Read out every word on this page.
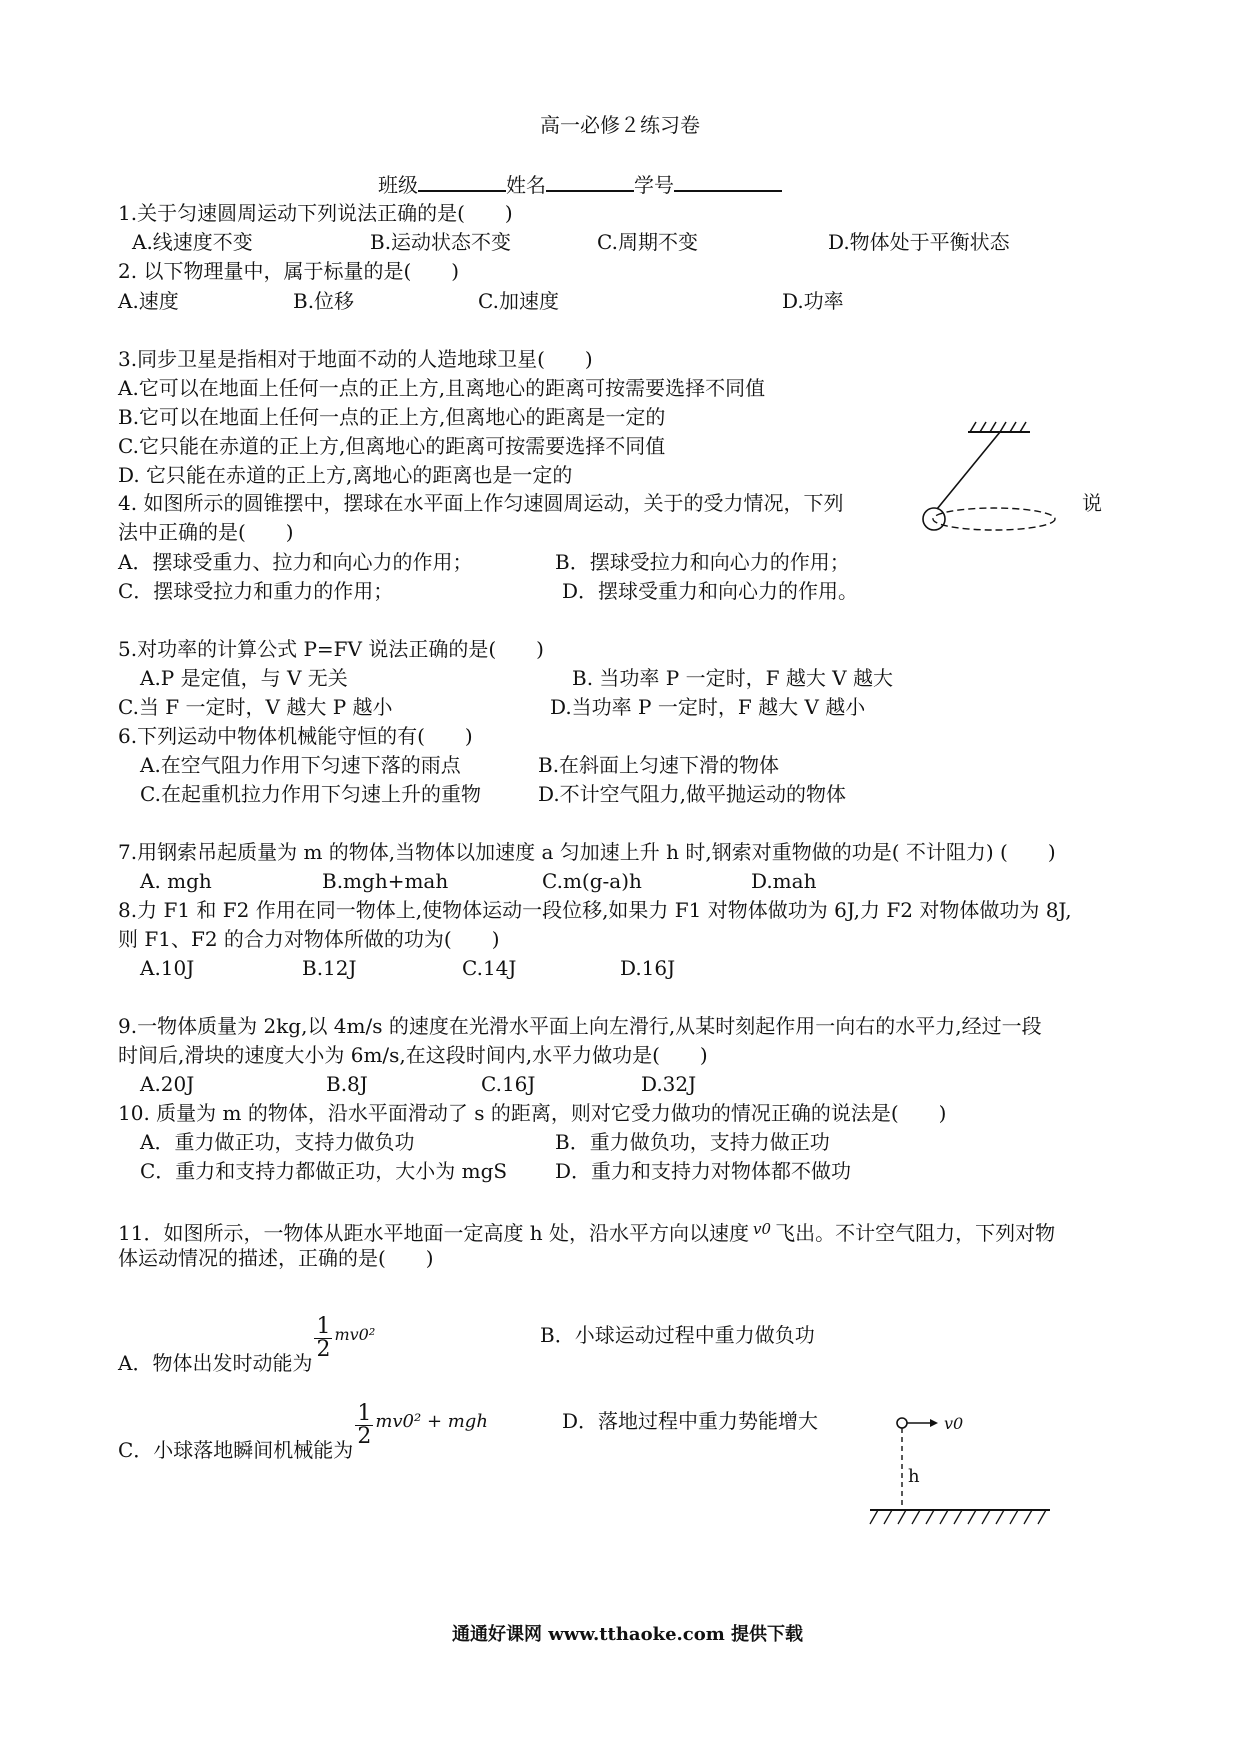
高一必修２练习卷
班级	姓名	学号
1.关于匀速圆周运动下列说法正确的是(　　)
A.线速度不变	B.运动状态不变	C.周期不变	D.物体处于平衡状态
2. 以下物理量中，属于标量的是(　　)
A.速度	B.位移	C.加速度	D.功率
3.同步卫星是指相对于地面不动的人造地球卫星(　　)
A.它可以在地面上任何一点的正上方,且离地心的距离可按需要选择不同值
B.它可以在地面上任何一点的正上方,但离地心的距离是一定的
C.它只能在赤道的正上方,但离地心的距离可按需要选择不同值
D. 它只能在赤道的正上方,离地心的距离也是一定的
4. 如图所示的圆锥摆中，摆球在水平面上作匀速圆周运动，关于的受力情况，下列	说
法中正确的是(　　)
A．摆球受重力、拉力和向心力的作用；	B．摆球受拉力和向心力的作用；
C．摆球受拉力和重力的作用；	D．摆球受重力和向心力的作用。
5.对功率的计算公式 P=FV 说法正确的是(　　)
A.P 是定值，与 V 无关	B. 当功率 P 一定时，F 越大 V 越大
C.当 F 一定时，V 越大 P 越小	D.当功率 P 一定时，F 越大 V 越小
6.下列运动中物体机械能守恒的有(　　)
A.在空气阻力作用下匀速下落的雨点	B.在斜面上匀速下滑的物体
C.在起重机拉力作用下匀速上升的重物	D.不计空气阻力,做平抛运动的物体
7.用钢索吊起质量为 m 的物体,当物体以加速度 a 匀加速上升 h 时,钢索对重物做的功是( 不计阻力) (　　)
A. mgh	B.mgh+mah	C.m(g-a)h	D.mah
8.力 F1 和 F2 作用在同一物体上,使物体运动一段位移,如果力 F1 对物体做功为 6J,力 F2 对物体做功为 8J,
则 F1、F2 的合力对物体所做的功为(　　)
A.10J	B.12J	C.14J	D.16J
9.一物体质量为 2kg,以 4m/s 的速度在光滑水平面上向左滑行,从某时刻起作用一向右的水平力,经过一段
时间后,滑块的速度大小为 6m/s,在这段时间内,水平力做功是(　　)
A.20J	B.8J	C.16J	D.32J
10. 质量为 m 的物体，沿水平面滑动了 s 的距离，则对它受力做功的情况正确的说法是(　　)
A．重力做正功，支持力做负功	B．重力做负功，支持力做正功
C．重力和支持力都做正功，大小为 mgS D．重力和支持力对物体都不做功
11．如图所示，一物体从距水平地面一定高度 h 处，沿水平方向以速度 $^{v0}$ 飞出。不计空气阻力，下列对物
体运动情况的描述，正确的是(　　)
A．物体出发时动能为
$\frac{1}{2} ^{mv0^2}$	B．小球运动过程中重力做负功
C．小球落地瞬间机械能为
$\frac{1}{2} mv0^2$ + mgh	D．落地过程中重力势能增大	v0
h
通通好课网 www.tthaoke.com 提供下载
